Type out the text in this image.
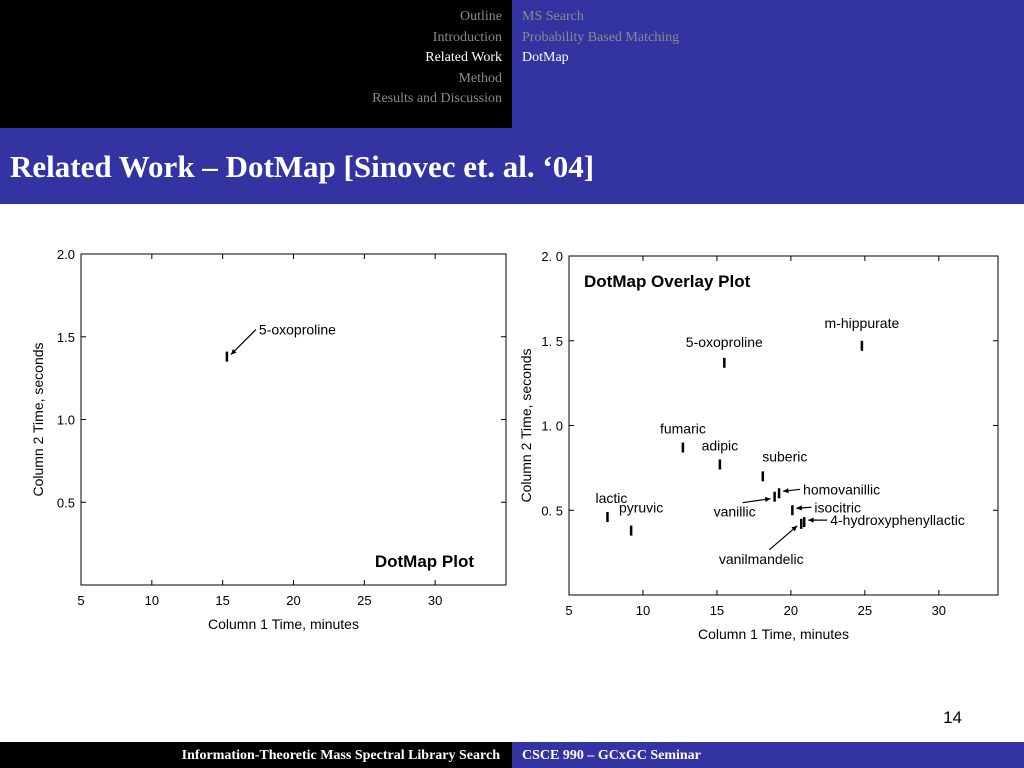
Outline
Introduction
Related Work
Method
Results and Discussion
MS Search
Probability Based Matching
DotMap
Related Work – DotMap [Sinovec et. al. ‘04]
5	10	15	20	25	30
0.5
1.0
1.5
2.0
Column 1 Time, minutes
Column 2 Time, seconds
DotMap Plot
5-oxoproline
5	10	15	20	25	30
0. 5
1. 0
1. 5
2. 0
Column 1 Time, minutes
Column 2 Time, seconds
DotMap Overlay Plot
5-oxoproline
m-hippurate
fumaric
adipic
suberic
homovanillic
isocitric
4-hydroxyphenyllactic
vanillic
vanilmandelic
lactic
pyruvic
14
Information-Theoretic Mass Spectral Library Search CSCE 990 – GCxGC Seminar
